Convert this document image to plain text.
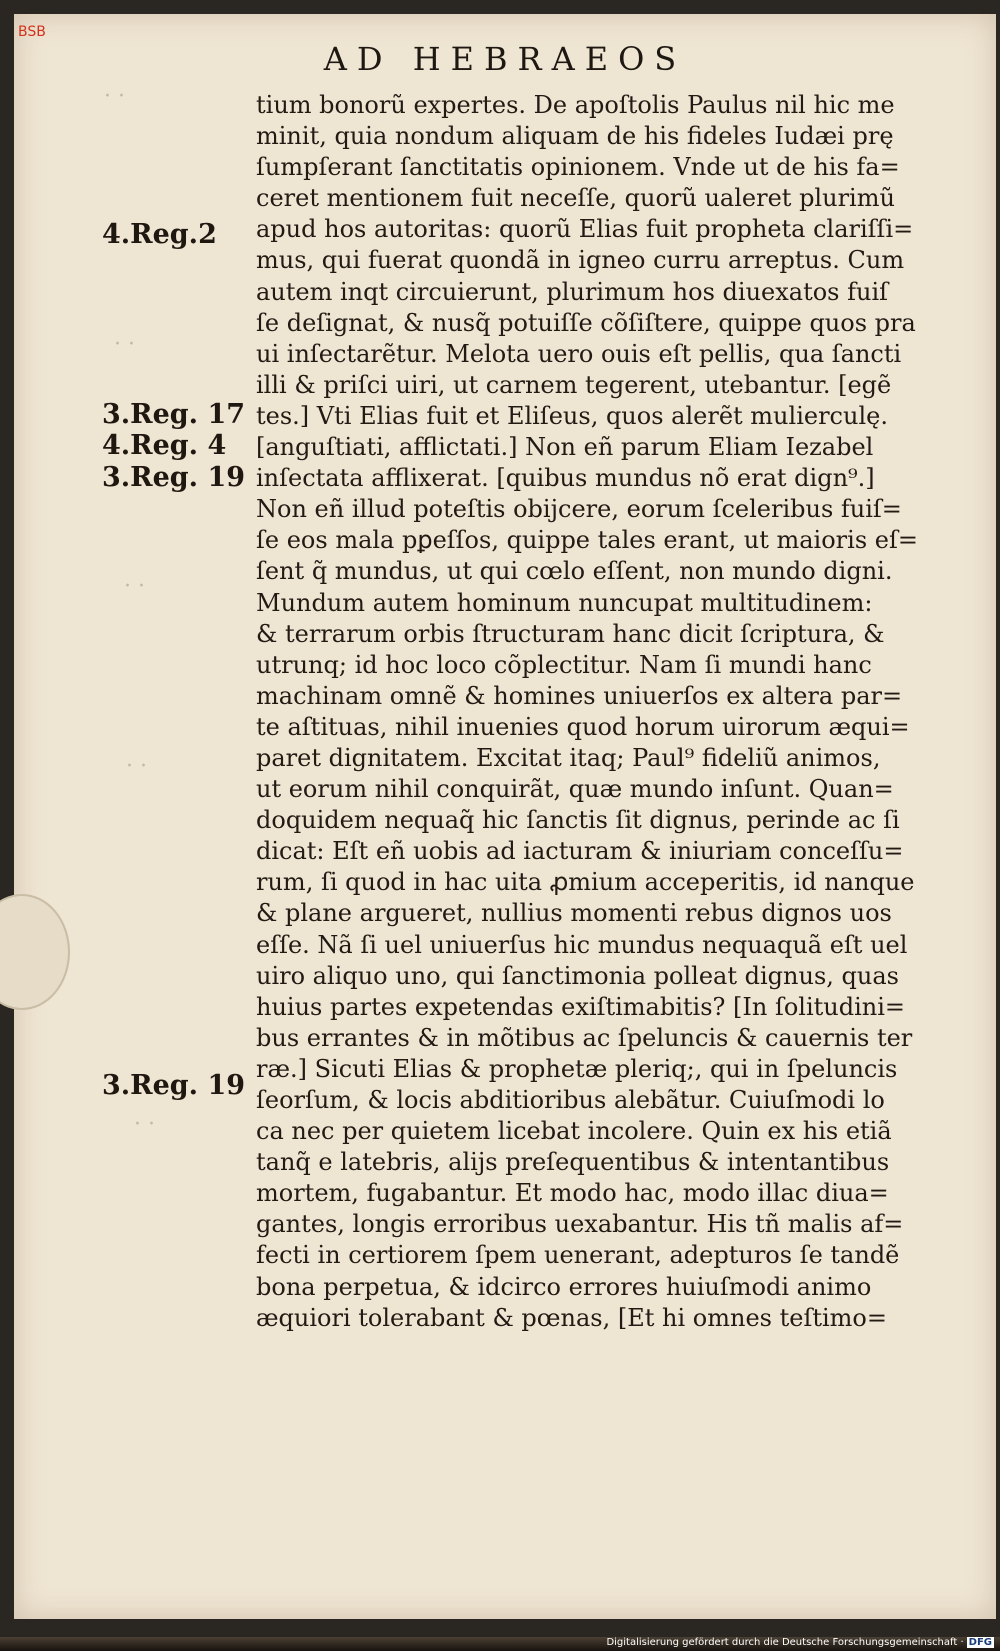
BSB
AD HEBRAEOS
· ·
· ·
· ·
· ·
· ·
4.Reg.2
3.Reg. 17
4.Reg. 4
3.Reg. 19
3.Reg. 19
tium bonorũ expertes. De apoſtolis Paulus nil hic me
minit, quia nondum aliquam de his fideles Iudæi prę
ſumpſerant ſanctitatis opinionem. Vnde ut de his fa=
ceret mentionem fuit neceſſe, quorũ ualeret plurimũ
apud hos autoritas: quorũ Elias fuit propheta clariſſi=
mus, qui fuerat quondã in igneo curru arreptus. Cum
autem inqt circuierunt, plurimum hos diuexatos fuiſ
ſe deſignat, & nusq̃ potuiſſe cõſiſtere, quippe quos pra
ui inſectarẽtur. Melota uero ouis eſt pellis, qua ſancti
illi & priſci uiri, ut carnem tegerent, utebantur. [egẽ
tes.] Vti Elias fuit et Eliſeus, quos alerẽt mulierculę.
[anguſtiati, afflictati.] Non eñ parum Eliam Iezabel
inſectata afflixerat. [quibus mundus nõ erat dign⁹.]
Non eñ illud poteſtis obijcere, eorum ſceleribus fuiſ=
ſe eos mala pꝑeſſos, quippe tales erant, ut maioris eſ=
ſent q̃ mundus, ut qui cœlo eſſent, non mundo digni.
Mundum autem hominum nuncupat multitudinem:
& terrarum orbis ſtructuram hanc dicit ſcriptura, &
utrunq; id hoc loco cõplectitur. Nam ſi mundi hanc
machinam omnẽ & homines uniuerſos ex altera par=
te aſtituas, nihil inuenies quod horum uirorum æqui=
paret dignitatem. Excitat itaq; Paul⁹ fideliũ animos,
ut eorum nihil conquirãt, quæ mundo inſunt. Quan=
doquidem nequaq̃ hic ſanctis ſit dignus, perinde ac ſi
dicat: Eſt eñ uobis ad iacturam & iniuriam conceſſu=
rum, ſi quod in hac uita ꝓmium acceperitis, id nanque
& plane argueret, nullius momenti rebus dignos uos
eſſe. Nã ſi uel uniuerſus hic mundus nequaquã eſt uel
uiro aliquo uno, qui ſanctimonia polleat dignus, quas
huius partes expetendas exiſtimabitis? [In ſolitudini=
bus errantes & in mõtibus ac ſpeluncis & cauernis ter
ræ.] Sicuti Elias & prophetæ pleriq;, qui in ſpeluncis
ſeorſum, & locis abditioribus alebãtur. Cuiuſmodi lo
ca nec per quietem licebat incolere. Quin ex his etiã
tanq̃ e latebris, alijs preſequentibus & intentantibus
mortem, fugabantur. Et modo hac, modo illac diua=
gantes, longis erroribus uexabantur. His tñ malis af=
fecti in certiorem ſpem uenerant, adepturos ſe tandẽ
bona perpetua, & idcirco errores huiuſmodi animo
æquiori tolerabant & pœnas, [Et hi omnes teſtimo=
Digitalisierung gefördert durch die Deutsche Forschungsgemeinschaft · DFG
